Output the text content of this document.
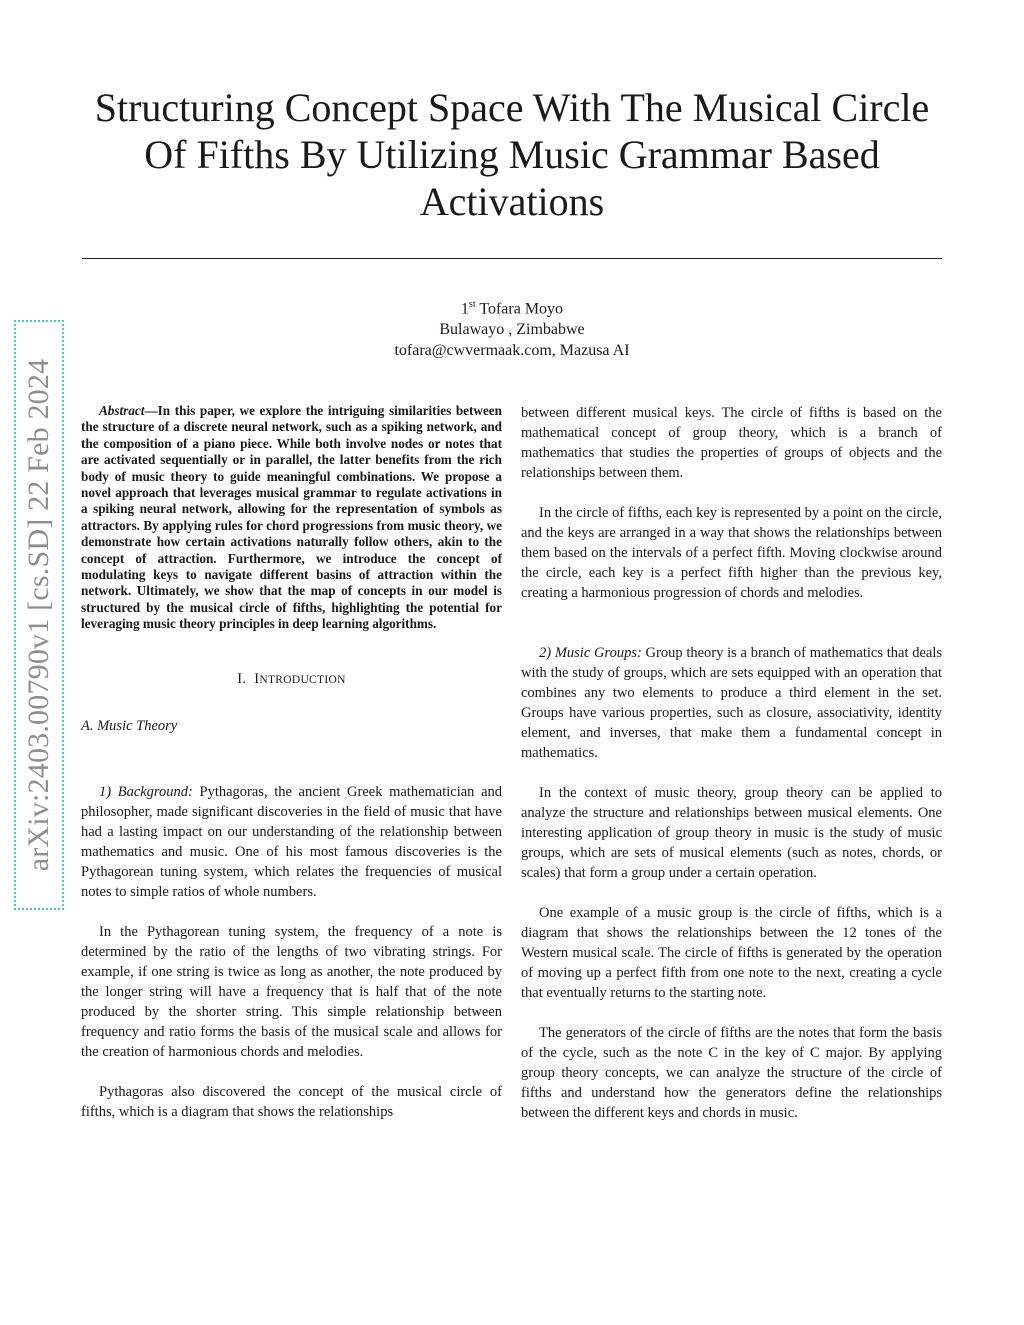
Structuring Concept Space With The Musical Circle Of Fifths By Utilizing Music Grammar Based Activations
1st Tofara Moyo
Bulawayo , Zimbabwe
tofara@cwvermaak.com, Mazusa AI
arXiv:2403.00790v1 [cs.SD] 22 Feb 2024	Abstract—In this paper, we explore the intriguing similarities between the structure of a discrete neural network, such as a spiking network, and the composition of a piano piece. While both involve nodes or notes that are activated sequentially or in parallel, the latter benefits from the rich body of music theory to guide meaningful combinations. We propose a novel approach that leverages musical grammar to regulate activations in a spiking neural network, allowing for the representation of symbols as attractors. By applying rules for chord progressions from music theory, we demonstrate how certain activations naturally follow others, akin to the concept of attraction. Furthermore, we introduce the concept of modulating keys to navigate different basins of attraction within the network. Ultimately, we show that the map of concepts in our model is structured by the musical circle of fifths, highlighting the potential for leveraging music theory principles in deep learning algorithms.

I. INTRODUCTION

A. Music Theory

1) Background: Pythagoras, the ancient Greek mathematician and philosopher, made significant discoveries in the field of music that have had a lasting impact on our understanding of the relationship between mathematics and music. One of his most famous discoveries is the Pythagorean tuning system, which relates the frequencies of musical notes to simple ratios of whole numbers.

In the Pythagorean tuning system, the frequency of a note is determined by the ratio of the lengths of two vibrating strings. For example, if one string is twice as long as another, the note produced by the longer string will have a frequency that is half that of the note produced by the shorter string. This simple relationship between frequency and ratio forms the basis of the musical scale and allows for the creation of harmonious chords and melodies.

Pythagoras also discovered the concept of the musical circle of fifths, which is a diagram that shows the relationships

between different musical keys. The circle of fifths is based on the mathematical concept of group theory, which is a branch of mathematics that studies the properties of groups of objects and the relationships between them.

In the circle of fifths, each key is represented by a point on the circle, and the keys are arranged in a way that shows the relationships between them based on the intervals of a perfect fifth. Moving clockwise around the circle, each key is a perfect fifth higher than the previous key, creating a harmonious progression of chords and melodies.

2) Music Groups: Group theory is a branch of mathematics that deals with the study of groups, which are sets equipped with an operation that combines any two elements to produce a third element in the set. Groups have various properties, such as closure, associativity, identity element, and inverses, that make them a fundamental concept in mathematics.

In the context of music theory, group theory can be applied to analyze the structure and relationships between musical elements. One interesting application of group theory in music is the study of music groups, which are sets of musical elements (such as notes, chords, or scales) that form a group under a certain operation.

One example of a music group is the circle of fifths, which is a diagram that shows the relationships between the 12 tones of the Western musical scale. The circle of fifths is generated by the operation of moving up a perfect fifth from one note to the next, creating a cycle that eventually returns to the starting note.

The generators of the circle of fifths are the notes that form the basis of the cycle, such as the note C in the key of C major. By applying group theory concepts, we can analyze the structure of the circle of fifths and understand how the generators define the relationships between the different keys and chords in music.
